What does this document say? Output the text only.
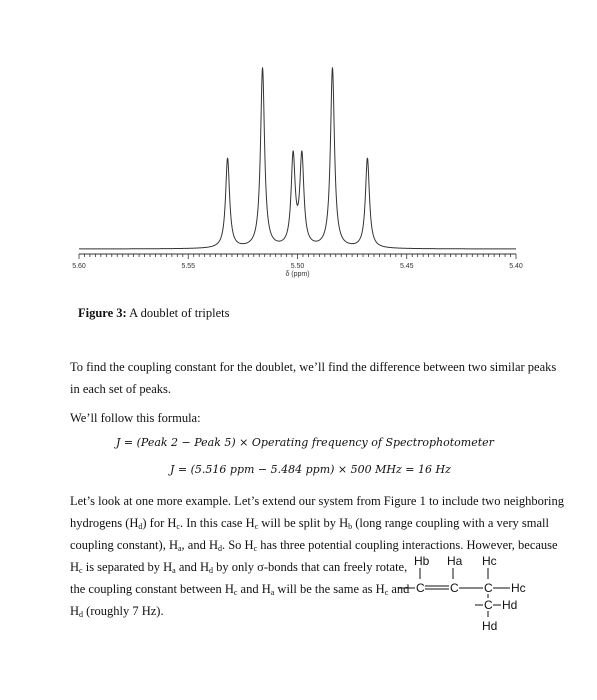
5.60	5.55	5.50	5.45	5.40
δ (ppm)
Figure 3: A doublet of triplets
To find the coupling constant for the doublet, we’ll find the difference between two similar peaks
in each set of peaks.
We’ll follow this formula:
J = (Peak 2 − Peak 5) × Operating frequency of Spectrophotometer
J = (5.516 ppm − 5.484 ppm) × 500 MHz = 16 Hz
Let’s look at one more example. Let’s extend our system from Figure 1 to include two neighboring
hydrogens $(H_d)$ for $H_c$. In this case $H_c$ will be split by $H_b$ (long range coupling with a very small
coupling constant), $H_a$, and $H_d$. So $H_c$ has three potential coupling interactions. However, because
$H_c$ is separated by $H_a$ and $H_d$ by only σ-bonds that can freely rotate,
the coupling constant between $H_c$ and $H_a$ will be the same as $H_c$ and
$H_d$ (roughly 7 Hz).
Hb Ha Hc
C C C Hc
C Hd
Hd
